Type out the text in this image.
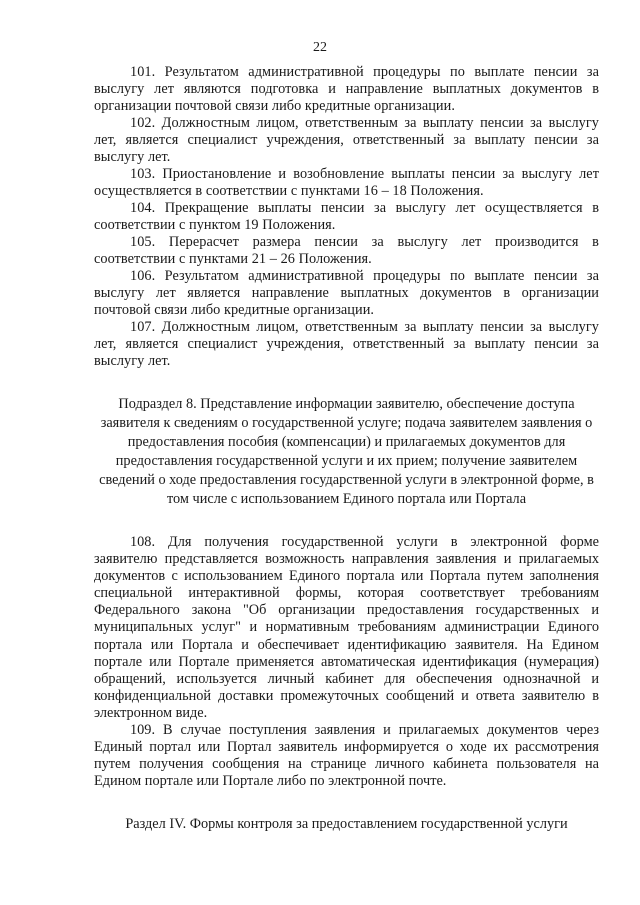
22

101. Результатом административной процедуры по выплате пенсии за выслугу лет являются подготовка и направление выплатных документов в организации почтовой связи либо кредитные организации.

102. Должностным лицом, ответственным за выплату пенсии за выслугу лет, является специалист учреждения, ответственный за выплату пенсии за выслугу лет.

103. Приостановление и возобновление выплаты пенсии за выслугу лет осуществляется в соответствии с пунктами 16 – 18 Положения.

104. Прекращение выплаты пенсии за выслугу лет осуществляется в соответствии с пунктом 19 Положения.

105. Перерасчет размера пенсии за выслугу лет производится в соответствии с пунктами 21 – 26 Положения.

106. Результатом административной процедуры по выплате пенсии за выслугу лет является направление выплатных документов в организации почтовой связи либо кредитные организации.

107. Должностным лицом, ответственным за выплату пенсии за выслугу лет, является специалист учреждения, ответственный за выплату пенсии за выслугу лет.

Подраздел 8. Представление информации заявителю, обеспечение доступа заявителя к сведениям о государственной услуге; подача заявителем заявления о предоставления пособия (компенсации) и прилагаемых документов для предоставления государственной услуги и их прием; получение заявителем сведений о ходе предоставления государственной услуги в электронной форме, в том числе с использованием Единого портала или Портала

108. Для получения государственной услуги в электронной форме заявителю представляется возможность направления заявления и прилагаемых документов с использованием Единого портала или Портала путем заполнения специальной интерактивной формы, которая соответствует требованиям Федерального закона "Об организации предоставления государственных и муниципальных услуг" и нормативным требованиям администрации Единого портала или Портала и обеспечивает идентификацию заявителя. На Едином портале или Портале применяется автоматическая идентификация (нумерация) обращений, используется личный кабинет для обеспечения однозначной и конфиденциальной доставки промежуточных сообщений и ответа заявителю в электронном виде.

109. В случае поступления заявления и прилагаемых документов через Единый портал или Портал заявитель информируется о ходе их рассмотрения путем получения сообщения на странице личного кабинета пользователя на Едином портале или Портале либо по электронной почте.

Раздел IV. Формы контроля за предоставлением государственной услуги
